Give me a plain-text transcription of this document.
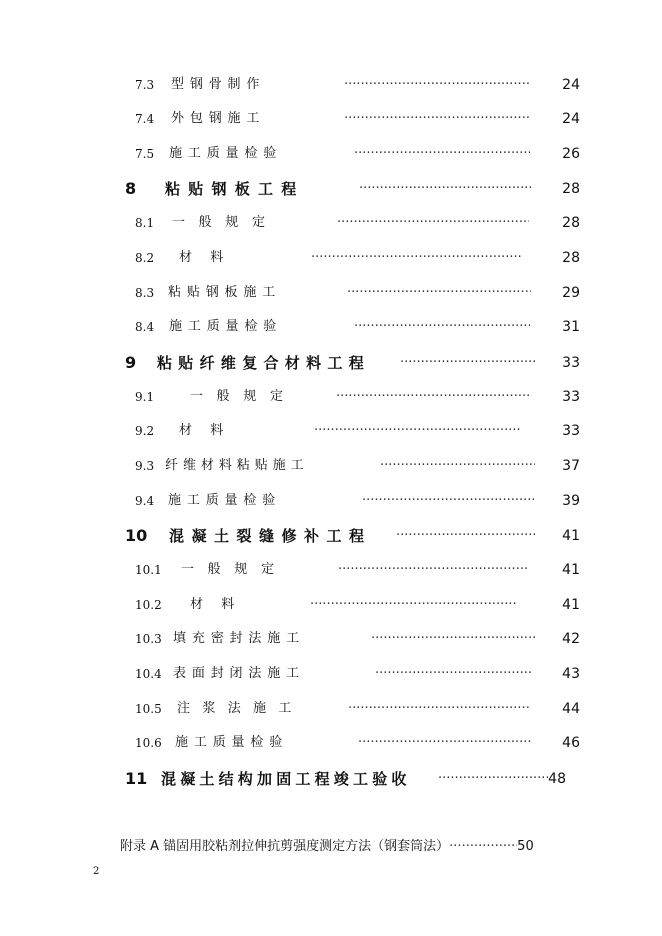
7.3 型钢骨制作 ·····	24
7.4 外包钢施工 ·····	24
7.5 施工质量检验 ·····	26
8 粘贴钢板工程 ·····	28
8.1 一般规定 ·····	28
8.2 材　料 ·····	28
8.3 粘贴钢板施工 ·····	29
8.4 施工质量检验 ·····	31
9 粘贴纤维复合材料工程 ·····	33
9.1	一般规定 ·····	33
9.2 材　料 ·····	33
9.3 纤维材料粘贴施工 ·····	37
9.4 施工质量检验 ·····	39
10 混凝土裂缝修补工程 ·····	41
10.1 一般规定 ·····	41
10.2 材　料 ·····	41
10.3 填充密封法施工 ·····	42
10.4 表面封闭法施工 ·····	43
10.5 注浆法施工 ·····	44
10.6 施工质量检验 ·····	46
11 混凝土结构加固工程竣工验收 ·····	48
附录 A 锚固用胶粘剂拉伸抗剪强度测定方法（钢套筒法） ·····	50
2
